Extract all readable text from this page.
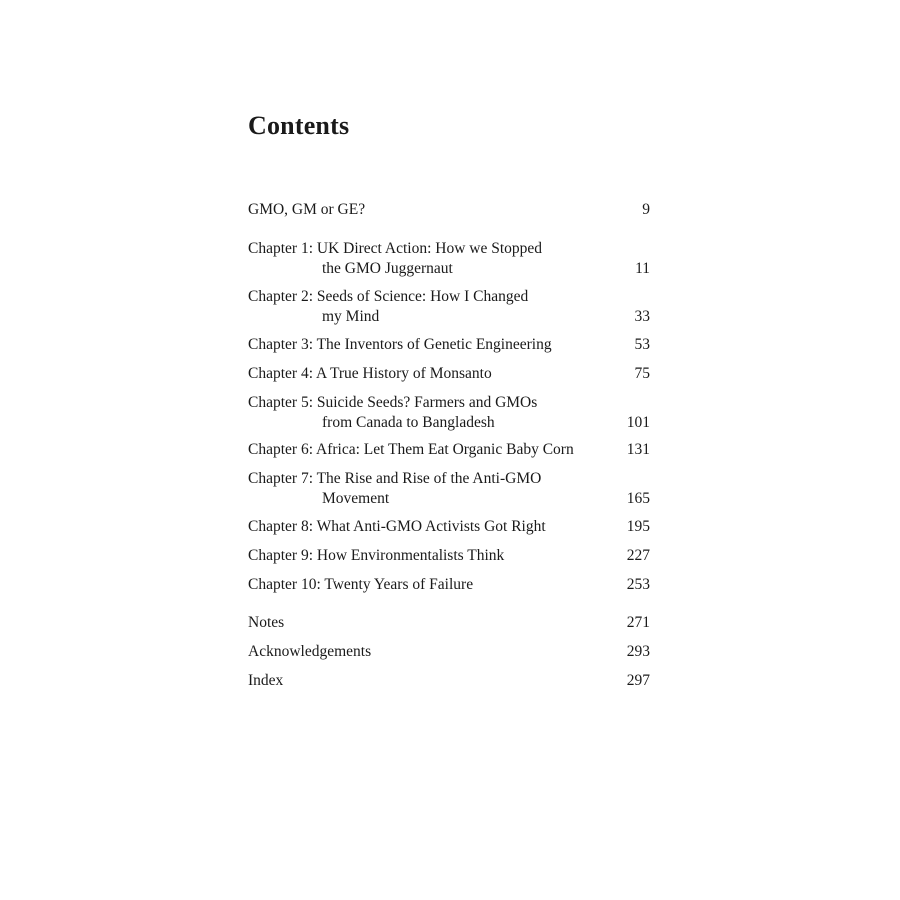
Contents
GMO, GM or GE?	9
Chapter 1: UK Direct Action: How we Stopped
the GMO Juggernaut	11
Chapter 2: Seeds of Science: How I Changed
my Mind	33
Chapter 3: The Inventors of Genetic Engineering	53
Chapter 4: A True History of Monsanto	75
Chapter 5: Suicide Seeds? Farmers and GMOs
from Canada to Bangladesh	101
Chapter 6: Africa: Let Them Eat Organic Baby Corn	131
Chapter 7: The Rise and Rise of the Anti-GMO
Movement	165
Chapter 8: What Anti-GMO Activists Got Right	195
Chapter 9: How Environmentalists Think	227
Chapter 10: Twenty Years of Failure	253
Notes	271
Acknowledgements	293
Index	297
